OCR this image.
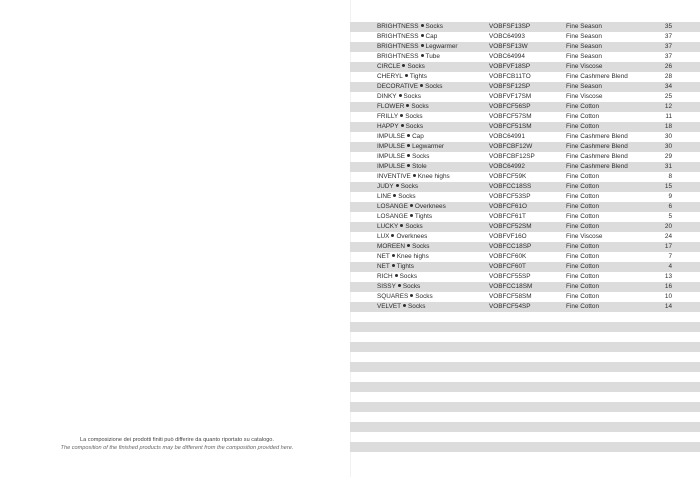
La composizione dei prodotti finiti può differire da quanto riportato su catalogo.
The composition of the finished products may be different from the composition provided here.
BRIGHTNESS Socks	VOBFSF13SP	Fine Season	35
BRIGHTNESS Cap	VOBC64993	Fine Season	37
BRIGHTNESS Legwarmer	VOBFSF13W	Fine Season	37
BRIGHTNESS Tube	VOBC64994	Fine Season	37
CIRCLE Socks	VOBFVF18SP	Fine Viscose	26
CHERYL Tights	VOBFCB11TO	Fine Cashmere Blend	28
DECORATIVE Socks	VOBFSF12SP	Fine Season	34
DINKY Socks	VOBFVF17SM	Fine Viscose	25
FLOWER Socks	VOBFCF56SP	Fine Cotton	12
FRILLY Socks	VOBFCF57SM	Fine Cotton	11
HAPPY Socks	VOBFCF51SM	Fine Cotton	18
IMPULSE Cap	VOBC64991	Fine Cashmere Blend	30
IMPULSE Legwarmer	VOBFCBF12W	Fine Cashmere Blend	30
IMPULSE Socks	VOBFCBF12SP	Fine Cashmere Blend	29
IMPULSE Stole	VOBC64992	Fine Cashmere Blend	31
INVENTIVE Knee highs	VOBFCF59K	Fine Cotton	8
JUDY Socks	VOBFCC18SS	Fine Cotton	15
LINE Socks	VOBFCF53SP	Fine Cotton	9
LOSANGE Overknees	VOBFCF61O	Fine Cotton	6
LOSANGE Tights	VOBFCF61T	Fine Cotton	5
LUCKY Socks	VOBFCF52SM	Fine Cotton	20
LUX Overknees	VOBFVF16O	Fine Viscose	24
MOREEN Socks	VOBFCC18SP	Fine Cotton	17
NET Knee highs	VOBFCF60K	Fine Cotton	7
NET Tights	VOBFCF60T	Fine Cotton	4
RICH Socks	VOBFCF55SP	Fine Cotton	13
SISSY Socks	VOBFCC18SM	Fine Cotton	16
SQUARES Socks	VOBFCF58SM	Fine Cotton	10
VELVET Socks	VOBFCF54SP	Fine Cotton	14
